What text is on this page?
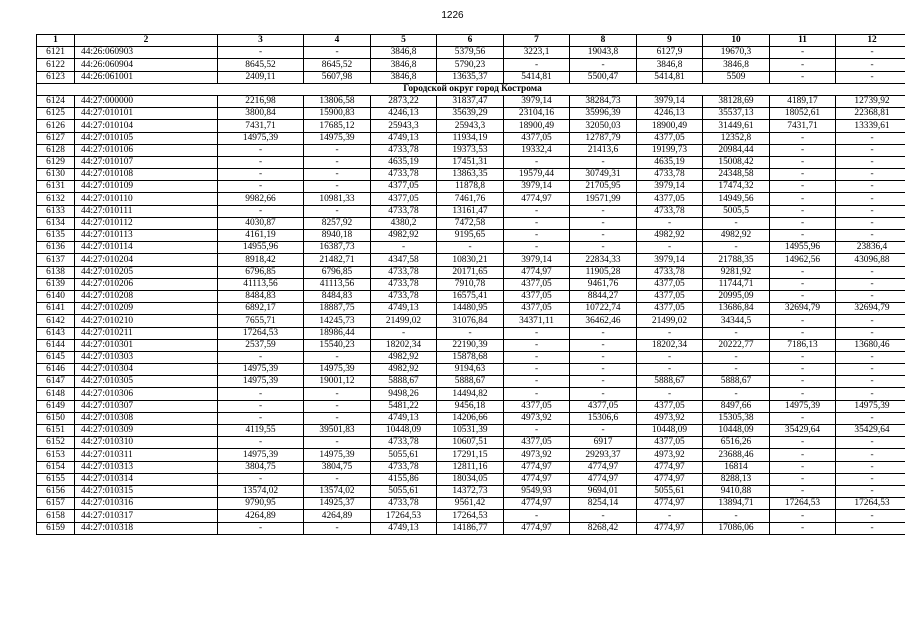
1226
1	2	3	4	5	6	7	8	9	10	11	12
6121	44:26:060903	-	-	3846,8	5379,56	3223,1	19043,8	6127,9	19670,3	-	-
6122	44:26:060904	8645,52	8645,52	3846,8	5790,23	-	-	3846,8	3846,8	-	-
6123	44:26:061001	2409,11	5607,98	3846,8	13635,37	5414,81	5500,47	5414,81	5509	-	-
Городской округ город Кострома											
6124	44:27:000000	2216,98	13806,58	2873,22	31837,47	3979,14	38284,73	3979,14	38128,69	4189,17	12739,92
6125	44:27:010101	3800,84	15900,83	4246,13	35639,29	23104,16	35996,39	4246,13	35537,13	18052,61	22368,81
6126	44:27:010104	7431,71	17685,12	25943,3	25943,3	18900,49	32050,03	18900,49	31449,61	7431,71	13339,61
6127	44:27:010105	14975,39	14975,39	4749,13	11934,19	4377,05	12787,79	4377,05	12352,8	-	-
6128	44:27:010106	-	-	4733,78	19373,53	19332,4	21413,6	19199,73	20984,44	-	-
6129	44:27:010107	-	-	4635,19	17451,31	-	-	4635,19	15008,42	-	-
6130	44:27:010108	-	-	4733,78	13863,35	19579,44	30749,31	4733,78	24348,58	-	-
6131	44:27:010109	-	-	4377,05	11878,8	3979,14	21705,95	3979,14	17474,32	-	-
6132	44:27:010110	9982,66	10981,33	4377,05	7461,76	4774,97	19571,99	4377,05	14949,56	-	-
6133	44:27:010111	-	-	4733,78	13161,47	-	-	4733,78	5005,5	-	-
6134	44:27:010112	4030,87	8257,92	4380,2	7472,58	-	-	-	-	-	-
6135	44:27:010113	4161,19	8940,18	4982,92	9195,65	-	-	4982,92	4982,92	-	-
6136	44:27:010114	14955,96	16387,73	-	-	-	-	-	-	14955,96	23836,4
6137	44:27:010204	8918,42	21482,71	4347,58	10830,21	3979,14	22834,33	3979,14	21788,35	14962,56	43096,88
6138	44:27:010205	6796,85	6796,85	4733,78	20171,65	4774,97	11905,28	4733,78	9281,92	-	-
6139	44:27:010206	41113,56	41113,56	4733,78	7910,78	4377,05	9461,76	4377,05	11744,71	-	-
6140	44:27:010208	8484,83	8484,83	4733,78	16575,41	4377,05	8844,27	4377,05	20995,09	-	-
6141	44:27:010209	6892,17	18887,75	4749,13	14480,95	4377,05	10722,74	4377,05	13686,84	32694,79	32694,79
6142	44:27:010210	7655,71	14245,73	21499,02	31076,84	34371,11	36462,46	21499,02	34344,5	-	-
6143	44:27:010211	17264,53	18986,44	-	-	-	-	-	-	-	-
6144	44:27:010301	2537,59	15540,23	18202,34	22190,39	-	-	18202,34	20222,77	7186,13	13680,46
6145	44:27:010303	-	-	4982,92	15878,68	-	-	-	-	-	-
6146	44:27:010304	14975,39	14975,39	4982,92	9194,63	-	-	-	-	-	-
6147	44:27:010305	14975,39	19001,12	5888,67	5888,67	-	-	5888,67	5888,67	-	-
6148	44:27:010306	-	-	9498,26	14494,82	-	-	-	-	-	-
6149	44:27:010307	-	-	5481,22	9456,18	4377,05	4377,05	4377,05	8497,66	14975,39	14975,39
6150	44:27:010308	-	-	4749,13	14206,66	4973,92	15306,6	4973,92	15305,38	-	-
6151	44:27:010309	4119,55	39501,83	10448,09	10531,39	-	-	10448,09	10448,09	35429,64	35429,64
6152	44:27:010310	-	-	4733,78	10607,51	4377,05	6917	4377,05	6516,26	-	-
6153	44:27:010311	14975,39	14975,39	5055,61	17291,15	4973,92	29293,37	4973,92	23688,46	-	-
6154	44:27:010313	3804,75	3804,75	4733,78	12811,16	4774,97	4774,97	4774,97	16814	-	-
6155	44:27:010314	-	-	4155,86	18034,05	4774,97	4774,97	4774,97	8288,13	-	-
6156	44:27:010315	13574,02	13574,02	5055,61	14372,73	9549,93	9694,01	5055,61	9410,88	-	-
6157	44:27:010316	9790,95	14925,37	4733,78	9561,42	4774,97	8254,14	4774,97	13894,71	17264,53	17264,53
6158	44:27:010317	4264,89	4264,89	17264,53	17264,53	-	-	-	-	-	-
6159	44:27:010318	-	-	4749,13	14186,77	4774,97	8268,42	4774,97	17086,06	-	-
